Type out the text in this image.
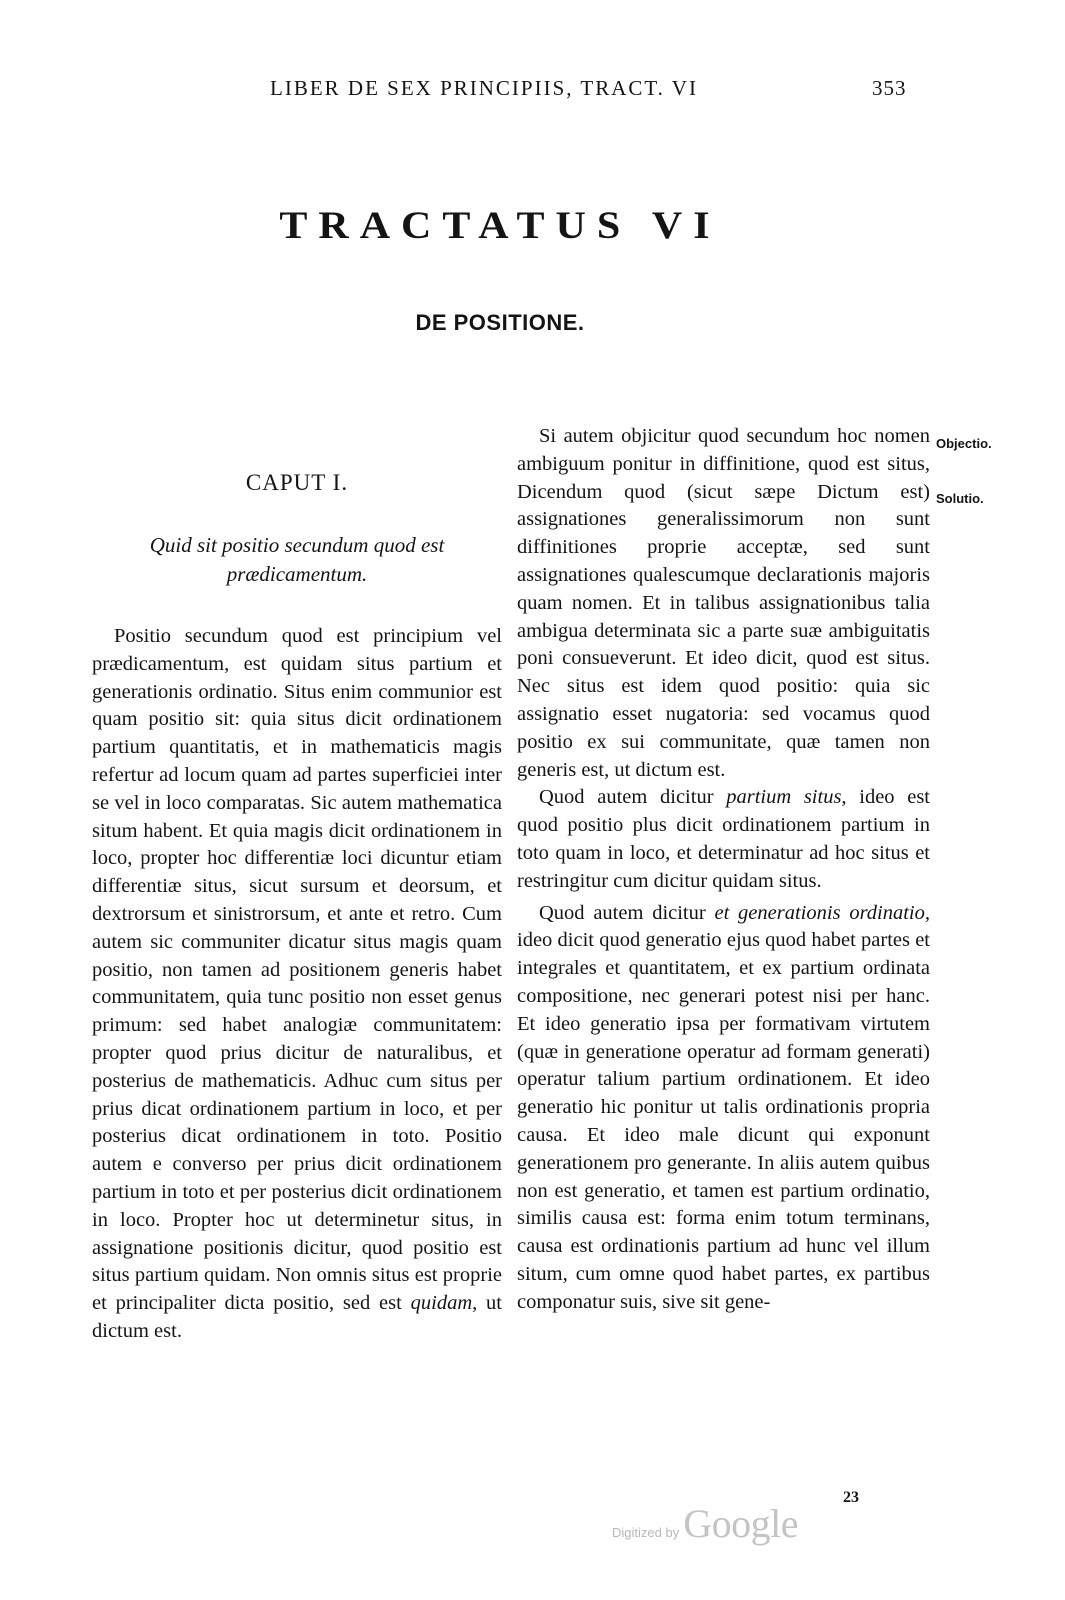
LIBER DE SEX PRINCIPIIS, TRACT. VI	353
TRACTATUS VI
DE POSITIONE.
CAPUT I.
Quid sit positio secundum quod est prædicamentum.

Positio secundum quod est principium vel prædicamentum, est quidam situs partium et generationis ordinatio. Situs enim communior est quam positio sit: quia situs dicit ordinationem partium quantitatis, et in mathematicis magis refertur ad locum quam ad partes superficiei inter se vel in loco comparatas. Sic autem mathematica situm habent. Et quia magis dicit ordinationem in loco, propter hoc differentiæ loci dicuntur etiam differentiæ situs, sicut sursum et deorsum, et dextrorsum et sinistrorsum, et ante et retro. Cum autem sic communiter dicatur situs magis quam positio, non tamen ad positionem generis habet communitatem, quia tunc positio non esset genus primum: sed habet analogiæ communitatem: propter quod prius dicitur de naturalibus, et posterius de mathematicis. Adhuc cum situs per prius dicat ordinationem partium in loco, et per posterius dicat ordinationem in toto. Positio autem e converso per prius dicit ordinationem partium in toto et per posterius dicit ordinationem in loco. Propter hoc ut determinetur situs, in assignatione positionis dicitur, quod positio est situs partium quidam. Non omnis situs est proprie et principaliter dicta positio, sed est quidam, ut dictum est.

Si autem objicitur quod secundum hoc nomen ambiguum ponitur in diffinitione, quod est situs, Dicendum quod (sicut sæpe Dictum est) assignationes generalissimorum non sunt diffinitiones proprie acceptæ, sed sunt assignationes qualescumque declarationis majoris quam nomen. Et in talibus assignationibus talia ambigua determinata sic a parte suæ ambiguitatis poni consueverunt. Et ideo dicit, quod est situs. Nec situs est idem quod positio: quia sic assignatio esset nugatoria: sed vocamus quod positio ex sui communitate, quæ tamen non generis est, ut dictum est.

Quod autem dicitur partium situs, ideo est quod positio plus dicit ordinationem partium in toto quam in loco, et determinatur ad hoc situs et restringitur cum dicitur quidam situs.

Quod autem dicitur et generationis ordinatio, ideo dicit quod generatio ejus quod habet partes et integrales et quantitatem, et ex partium ordinata compositione, nec generari potest nisi per hanc. Et ideo generatio ipsa per formativam virtutem (quæ in generatione operatur ad formam generati) operatur talium partium ordinationem. Et ideo generatio hic ponitur ut talis ordinationis propria causa. Et ideo male dicunt qui exponunt generationem pro generante. In aliis autem quibus non est generatio, et tamen est partium ordinatio, similis causa est: forma enim totum terminans, causa est ordinationis partium ad hunc vel illum situm, cum omne quod habet partes, ex partibus componatur suis, sive sit gene-

Objectio.
Solutio.
23
Digitized by Google
